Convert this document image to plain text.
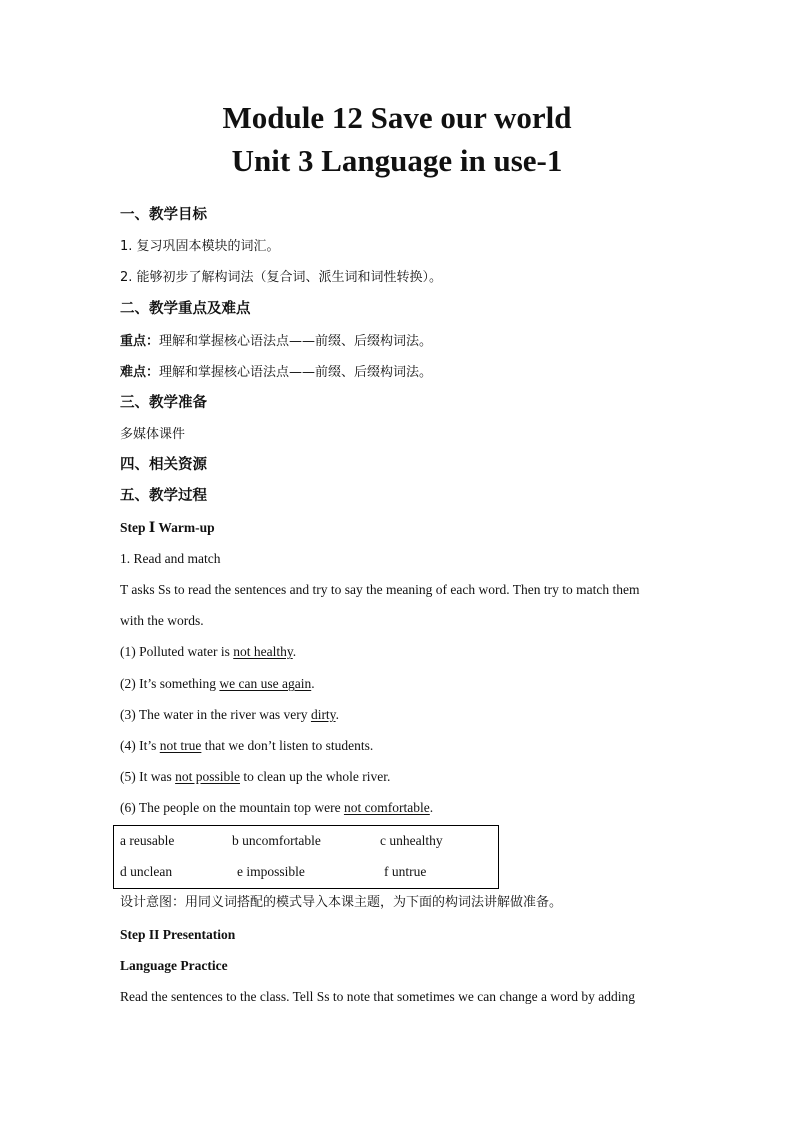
Module 12 Save our world
Unit 3 Language in use-1
一、教学目标
1. 复习巩固本模块的词汇。
2. 能够初步了解构词法（复合词、派生词和词性转换）。
二、教学重点及难点
重点：理解和掌握核心语法点——前缀、后缀构词法。
难点：理解和掌握核心语法点——前缀、后缀构词法。
三、教学准备
多媒体课件
四、相关资源
五、教学过程
Step Ⅰ Warm-up
1. Read and match
T asks Ss to read the sentences and try to say the meaning of each word. Then try to match them
with the words.
(1) Polluted water is not healthy.
(2) It’s something we can use again.
(3) The water in the river was very dirty.
(4) It’s not true that we don’t listen to students.
(5) It was not possible to clean up the whole river.
(6) The people on the mountain top were not comfortable.
a reusable	b uncomfortable	c unhealthy
d unclean	e impossible	f untrue
设计意图：用同义词搭配的模式导入本课主题，为下面的构词法讲解做准备。
Step II Presentation
Language Practice
Read the sentences to the class. Tell Ss to note that sometimes we can change a word by adding
